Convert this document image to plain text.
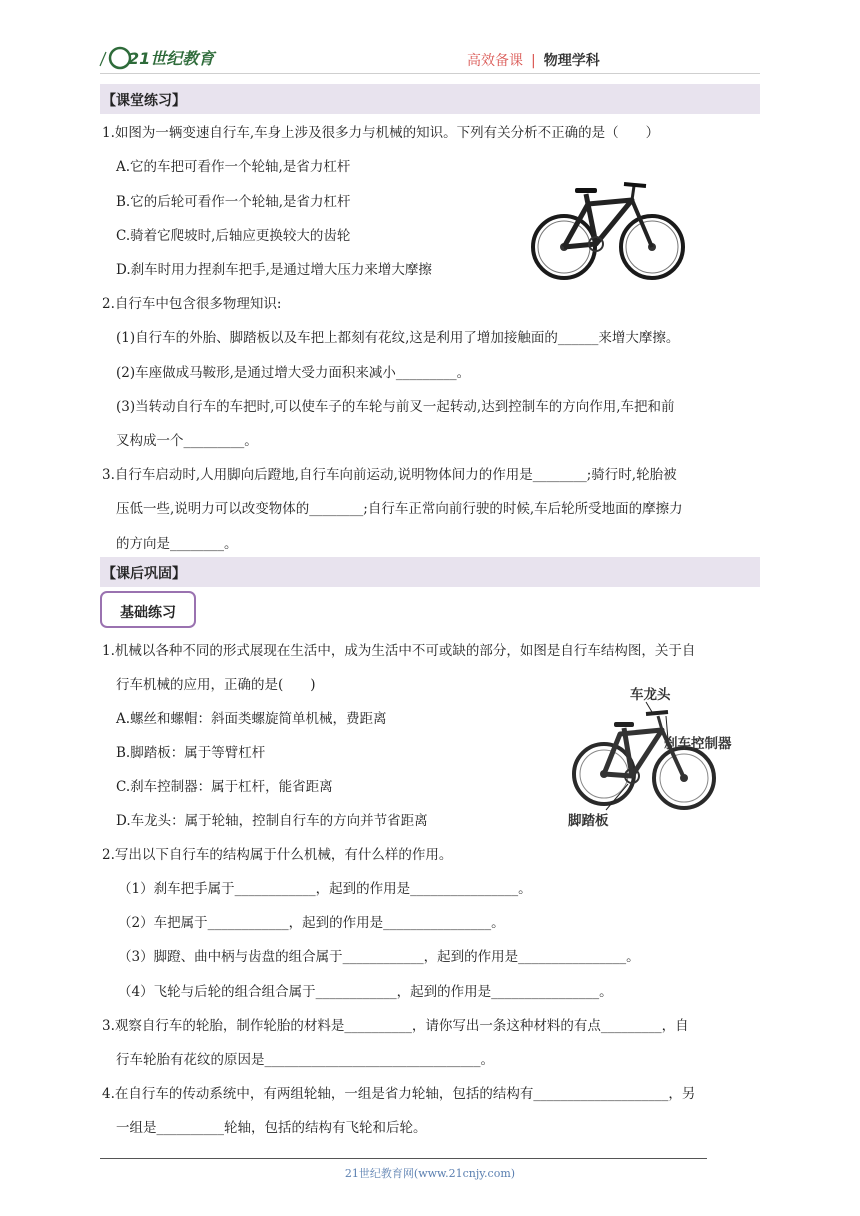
21世纪教育	高效备课 | 物理学科
【课堂练习】
1.如图为一辆变速自行车,车身上涉及很多力与机械的知识。下列有关分析不正确的是（　　）
A.它的车把可看作一个轮轴,是省力杠杆
B.它的后轮可看作一个轮轴,是省力杠杆
C.骑着它爬坡时,后轴应更换较大的齿轮
D.刹车时用力捏刹车把手,是通过增大压力来增大摩擦
2.自行车中包含很多物理知识:
(1)自行车的外胎、脚踏板以及车把上都刻有花纹,这是利用了增加接触面的______来增大摩擦。
(2)车座做成马鞍形,是通过增大受力面积来减小_________。
(3)当转动自行车的车把时,可以使车子的车轮与前叉一起转动,达到控制车的方向作用,车把和前
叉构成一个_________。
3.自行车启动时,人用脚向后蹬地,自行车向前运动,说明物体间力的作用是________;骑行时,轮胎被
压低一些,说明力可以改变物体的________;自行车正常向前行驶的时候,车后轮所受地面的摩擦力
的方向是________。
【课后巩固】
基础练习
1.机械以各种不同的形式展现在生活中，成为生活中不可或缺的部分，如图是自行车结构图，关于自
行车机械的应用，正确的是(　　)
A.螺丝和螺帽：斜面类螺旋简单机械，费距离
B.脚踏板：属于等臂杠杆
C.刹车控制器：属于杠杆，能省距离
D.车龙头：属于轮轴，控制自行车的方向并节省距离
2.写出以下自行车的结构属于什么机械，有什么样的作用。
（1）刹车把手属于____________，起到的作用是________________。
（2）车把属于____________，起到的作用是________________。
（3）脚蹬、曲中柄与齿盘的组合属于____________，起到的作用是________________。
（4）飞轮与后轮的组合组合属于____________，起到的作用是________________。
3.观察自行车的轮胎，制作轮胎的材料是__________，请你写出一条这种材料的有点_________，自
行车轮胎有花纹的原因是________________________________。
4.在自行车的传动系统中，有两组轮轴，一组是省力轮轴，包括的结构有____________________，另
一组是__________轮轴，包括的结构有飞轮和后轮。
车龙头
刹车控制器
脚踏板
21世纪教育网(www.21cnjy.com)
